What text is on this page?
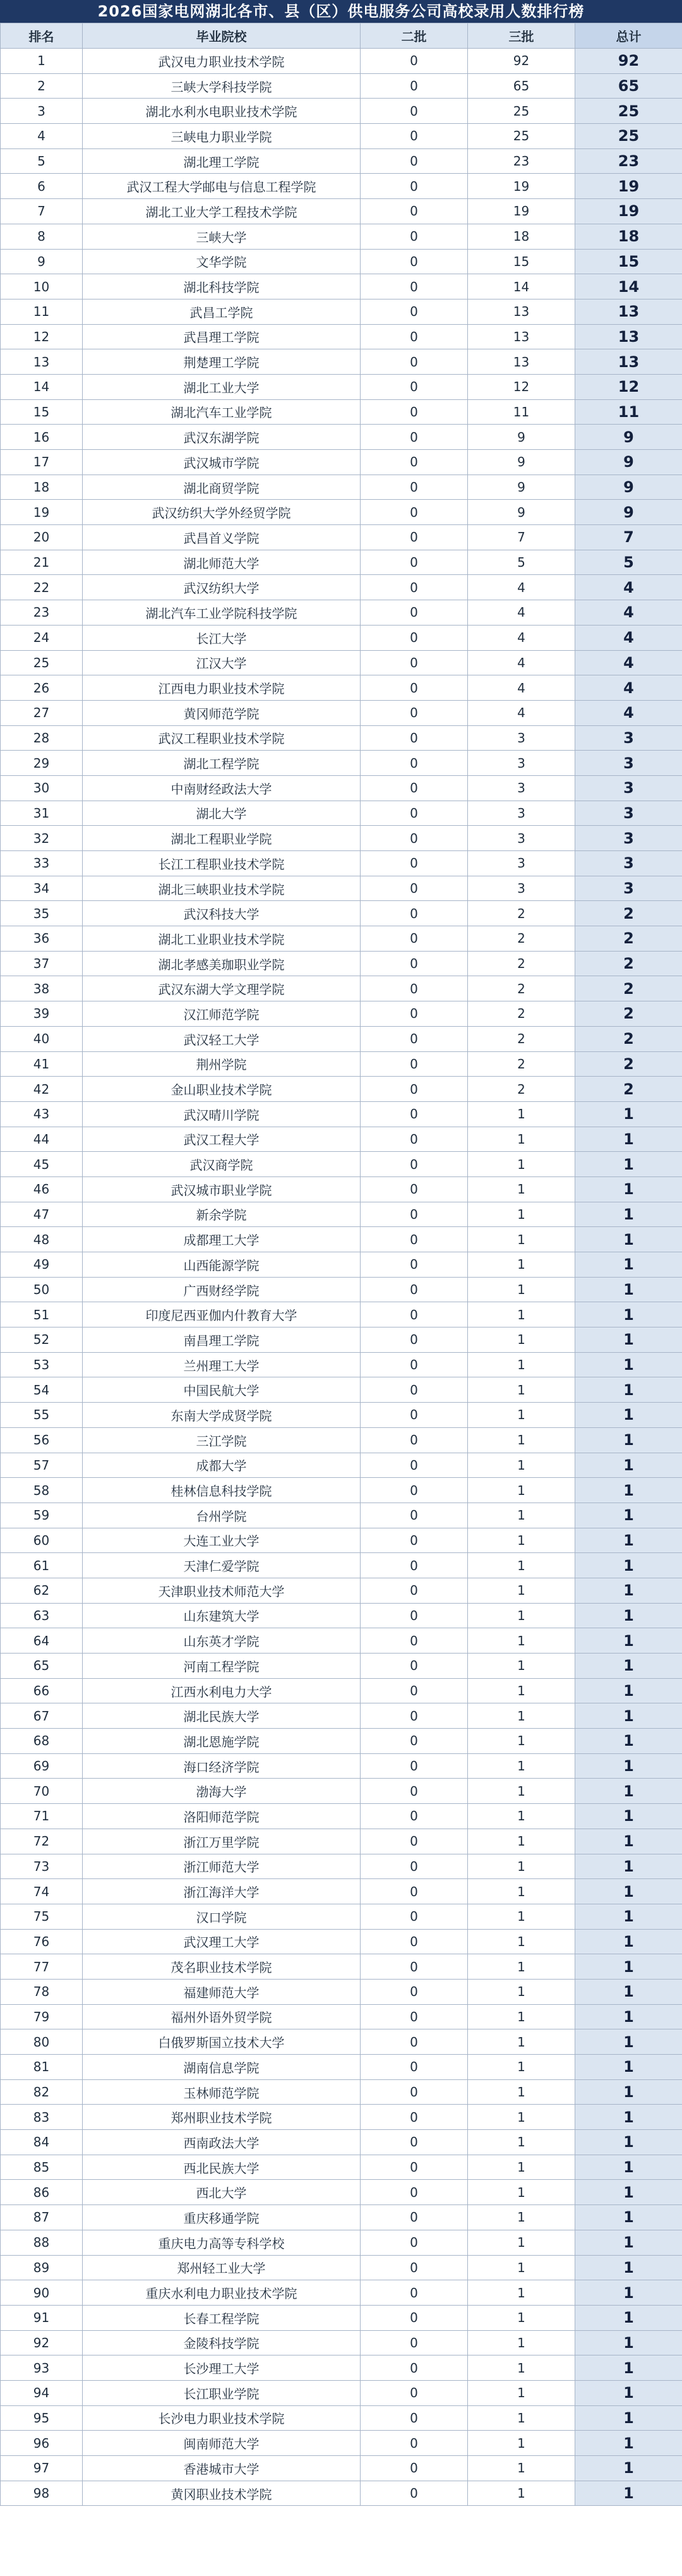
2026国家电网湖北各市、县（区）供电服务公司高校录用人数排行榜
排名	毕业院校	二批	三批	总计
1	武汉电力职业技术学院	0	92	92
2	三峡大学科技学院	0	65	65
3	湖北水利水电职业技术学院	0	25	25
4	三峡电力职业学院	0	25	25
5	湖北理工学院	0	23	23
6	武汉工程大学邮电与信息工程学院	0	19	19
7	湖北工业大学工程技术学院	0	19	19
8	三峡大学	0	18	18
9	文华学院	0	15	15
10	湖北科技学院	0	14	14
11	武昌工学院	0	13	13
12	武昌理工学院	0	13	13
13	荆楚理工学院	0	13	13
14	湖北工业大学	0	12	12
15	湖北汽车工业学院	0	11	11
16	武汉东湖学院	0	9	9
17	武汉城市学院	0	9	9
18	湖北商贸学院	0	9	9
19	武汉纺织大学外经贸学院	0	9	9
20	武昌首义学院	0	7	7
21	湖北师范大学	0	5	5
22	武汉纺织大学	0	4	4
23	湖北汽车工业学院科技学院	0	4	4
24	长江大学	0	4	4
25	江汉大学	0	4	4
26	江西电力职业技术学院	0	4	4
27	黄冈师范学院	0	4	4
28	武汉工程职业技术学院	0	3	3
29	湖北工程学院	0	3	3
30	中南财经政法大学	0	3	3
31	湖北大学	0	3	3
32	湖北工程职业学院	0	3	3
33	长江工程职业技术学院	0	3	3
34	湖北三峡职业技术学院	0	3	3
35	武汉科技大学	0	2	2
36	湖北工业职业技术学院	0	2	2
37	湖北孝感美珈职业学院	0	2	2
38	武汉东湖大学文理学院	0	2	2
39	汉江师范学院	0	2	2
40	武汉轻工大学	0	2	2
41	荆州学院	0	2	2
42	金山职业技术学院	0	2	2
43	武汉晴川学院	0	1	1
44	武汉工程大学	0	1	1
45	武汉商学院	0	1	1
46	武汉城市职业学院	0	1	1
47	新余学院	0	1	1
48	成都理工大学	0	1	1
49	山西能源学院	0	1	1
50	广西财经学院	0	1	1
51	印度尼西亚伽内什教育大学	0	1	1
52	南昌理工学院	0	1	1
53	兰州理工大学	0	1	1
54	中国民航大学	0	1	1
55	东南大学成贤学院	0	1	1
56	三江学院	0	1	1
57	成都大学	0	1	1
58	桂林信息科技学院	0	1	1
59	台州学院	0	1	1
60	大连工业大学	0	1	1
61	天津仁爱学院	0	1	1
62	天津职业技术师范大学	0	1	1
63	山东建筑大学	0	1	1
64	山东英才学院	0	1	1
65	河南工程学院	0	1	1
66	江西水利电力大学	0	1	1
67	湖北民族大学	0	1	1
68	湖北恩施学院	0	1	1
69	海口经济学院	0	1	1
70	渤海大学	0	1	1
71	洛阳师范学院	0	1	1
72	浙江万里学院	0	1	1
73	浙江师范大学	0	1	1
74	浙江海洋大学	0	1	1
75	汉口学院	0	1	1
76	武汉理工大学	0	1	1
77	茂名职业技术学院	0	1	1
78	福建师范大学	0	1	1
79	福州外语外贸学院	0	1	1
80	白俄罗斯国立技术大学	0	1	1
81	湖南信息学院	0	1	1
82	玉林师范学院	0	1	1
83	郑州职业技术学院	0	1	1
84	西南政法大学	0	1	1
85	西北民族大学	0	1	1
86	西北大学	0	1	1
87	重庆移通学院	0	1	1
88	重庆电力高等专科学校	0	1	1
89	郑州轻工业大学	0	1	1
90	重庆水利电力职业技术学院	0	1	1
91	长春工程学院	0	1	1
92	金陵科技学院	0	1	1
93	长沙理工大学	0	1	1
94	长江职业学院	0	1	1
95	长沙电力职业技术学院	0	1	1
96	闽南师范大学	0	1	1
97	香港城市大学	0	1	1
98	黄冈职业技术学院	0	1	1
